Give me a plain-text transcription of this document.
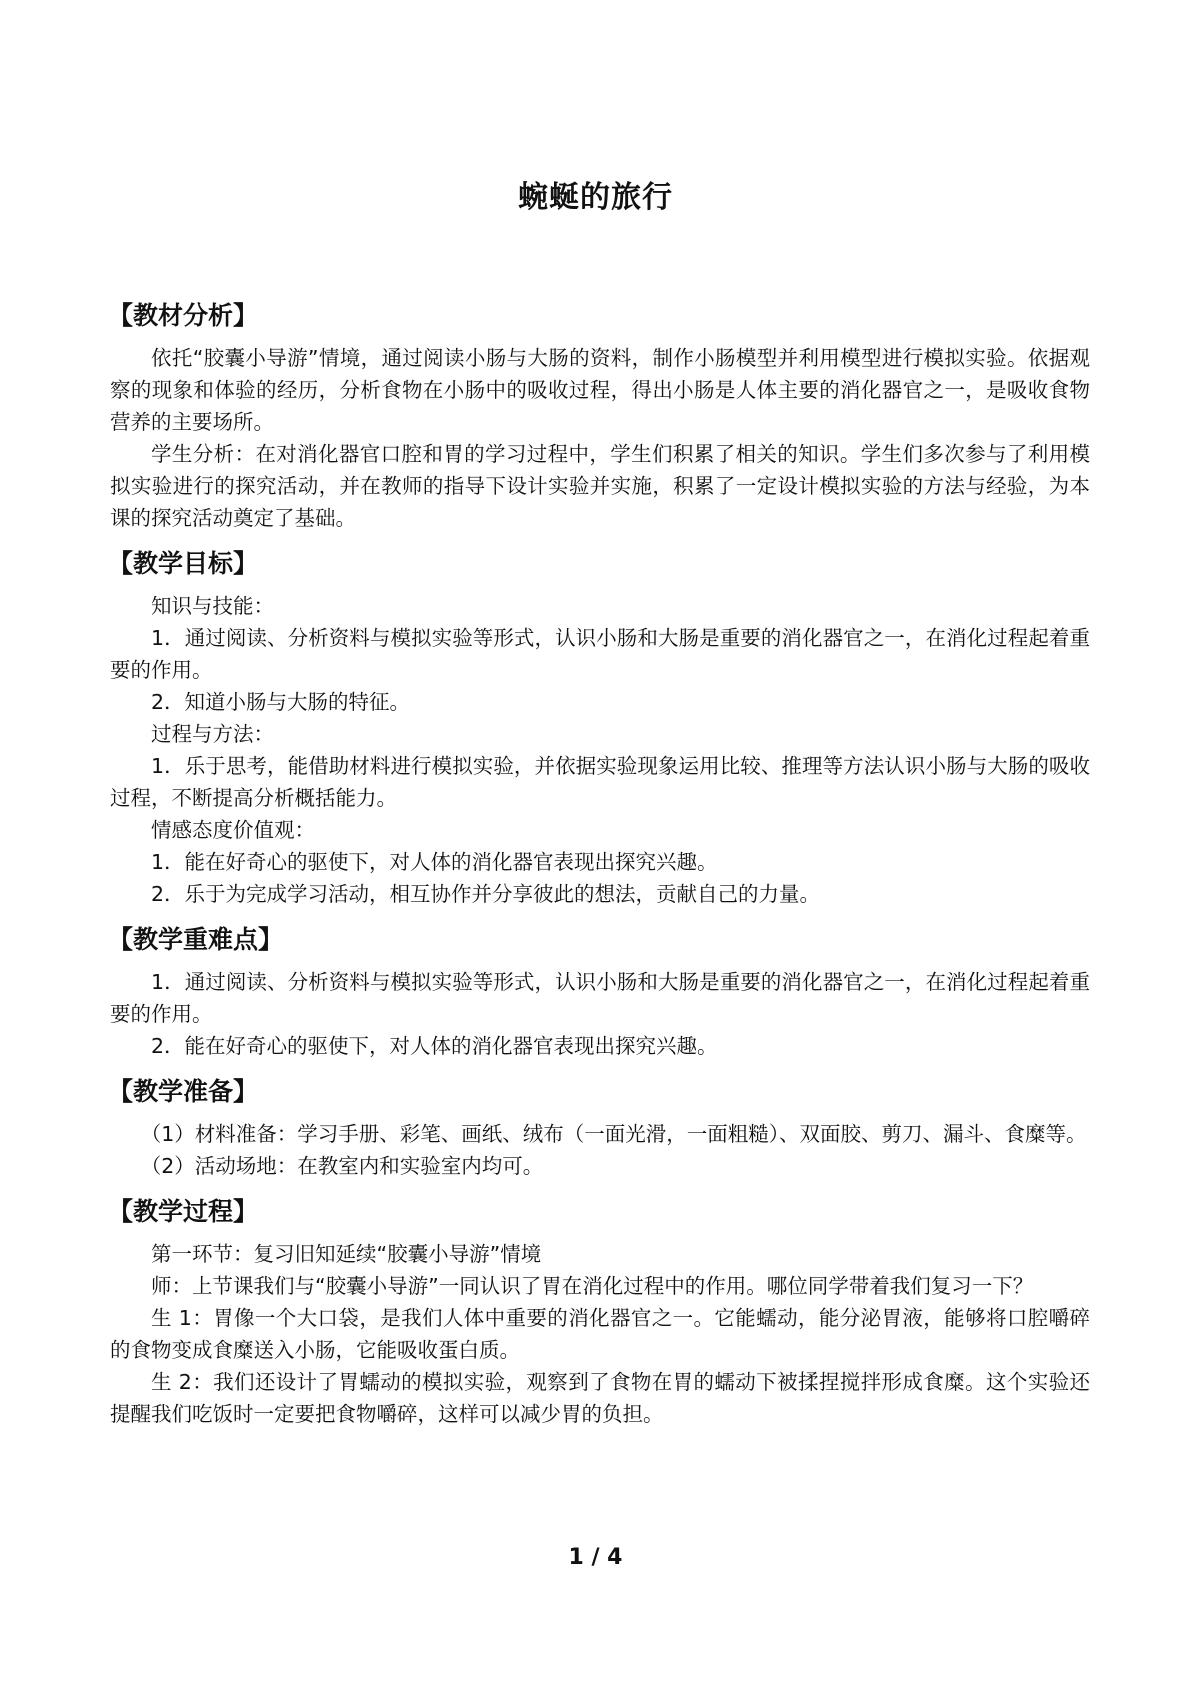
蜿蜒的旅行
【教材分析】

依托“胶囊小导游”情境，通过阅读小肠与大肠的资料，制作小肠模型并利用模型进行模拟实验。依据观察的现象和体验的经历，分析食物在小肠中的吸收过程，得出小肠是人体主要的消化器官之一，是吸收食物营养的主要场所。

学生分析：在对消化器官口腔和胃的学习过程中，学生们积累了相关的知识。学生们多次参与了利用模拟实验进行的探究活动，并在教师的指导下设计实验并实施，积累了一定设计模拟实验的方法与经验，为本课的探究活动奠定了基础。

【教学目标】

知识与技能：

1．通过阅读、分析资料与模拟实验等形式，认识小肠和大肠是重要的消化器官之一，在消化过程起着重要的作用。

2．知道小肠与大肠的特征。

过程与方法：

1．乐于思考，能借助材料进行模拟实验，并依据实验现象运用比较、推理等方法认识小肠与大肠的吸收过程，不断提高分析概括能力。

情感态度价值观：

1．能在好奇心的驱使下，对人体的消化器官表现出探究兴趣。

2．乐于为完成学习活动，相互协作并分享彼此的想法，贡献自己的力量。

【教学重难点】

1．通过阅读、分析资料与模拟实验等形式，认识小肠和大肠是重要的消化器官之一，在消化过程起着重要的作用。

2．能在好奇心的驱使下，对人体的消化器官表现出探究兴趣。

【教学准备】

（1）材料准备：学习手册、彩笔、画纸、绒布（一面光滑，一面粗糙）、双面胶、剪刀、漏斗、食糜等。

（2）活动场地：在教室内和实验室内均可。

【教学过程】

第一环节：复习旧知延续“胶囊小导游”情境

师：上节课我们与“胶囊小导游”一同认识了胃在消化过程中的作用。哪位同学带着我们复习一下？

生 1：胃像一个大口袋，是我们人体中重要的消化器官之一。它能蠕动，能分泌胃液，能够将口腔嚼碎的食物变成食糜送入小肠，它能吸收蛋白质。

生 2：我们还设计了胃蠕动的模拟实验，观察到了食物在胃的蠕动下被揉捏搅拌形成食糜。这个实验还提醒我们吃饭时一定要把食物嚼碎，这样可以减少胃的负担。

1 / 4
